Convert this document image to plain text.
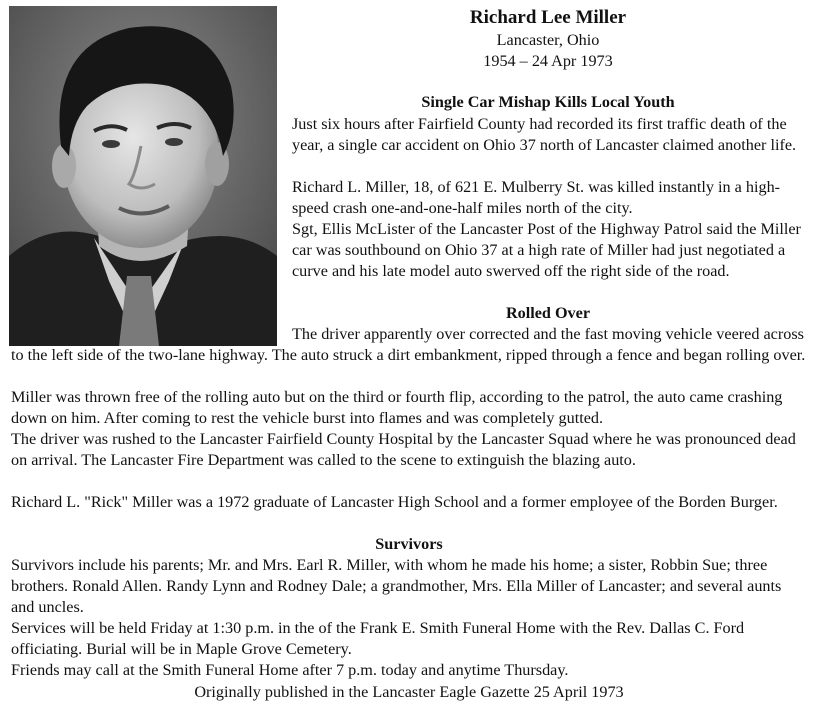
Richard Lee Miller
Lancaster, Ohio
1954 – 24 Apr 1973
Single Car Mishap Kills Local Youth

Just six hours after Fairfield County had recorded its first traffic death of the year, a single car accident on Ohio 37 north of Lancaster claimed another life.

Richard L. Miller, 18, of 621 E. Mulberry St. was killed instantly in a high-speed crash one-and-one-half miles north of the city.

Sgt, Ellis McLister of the Lancaster Post of the Highway Patrol said the Miller car was southbound on Ohio 37 at a high rate of Miller had just negotiated a curve and his late model auto swerved off the right side of the road.

Rolled Over

The driver apparently over corrected and the fast moving vehicle veered across to the left side of the two-lane highway. The auto struck a dirt embankment, ripped through a fence and began rolling over.

Miller was thrown free of the rolling auto but on the third or fourth flip, according to the patrol, the auto came crashing down on him. After coming to rest the vehicle burst into flames and was completely gutted.

The driver was rushed to the Lancaster Fairfield County Hospital by the Lancaster Squad where he was pronounced dead on arrival. The Lancaster Fire Department was called to the scene to extinguish the blazing auto.

Richard L. "Rick" Miller was a 1972 graduate of Lancaster High School and a former employee of the Borden Burger.

Survivors

Survivors include his parents; Mr. and Mrs. Earl R. Miller, with whom he made his home; a sister, Robbin Sue; three brothers. Ronald Allen. Randy Lynn and Rodney Dale; a grandmother, Mrs. Ella Miller of Lancaster; and several aunts and uncles.

Services will be held Friday at 1:30 p.m. in the of the Frank E. Smith Funeral Home with the Rev. Dallas C. Ford officiating. Burial will be in Maple Grove Cemetery.

Friends may call at the Smith Funeral Home after 7 p.m. today and anytime Thursday.

Originally published in the Lancaster Eagle Gazette 25 April 1973
